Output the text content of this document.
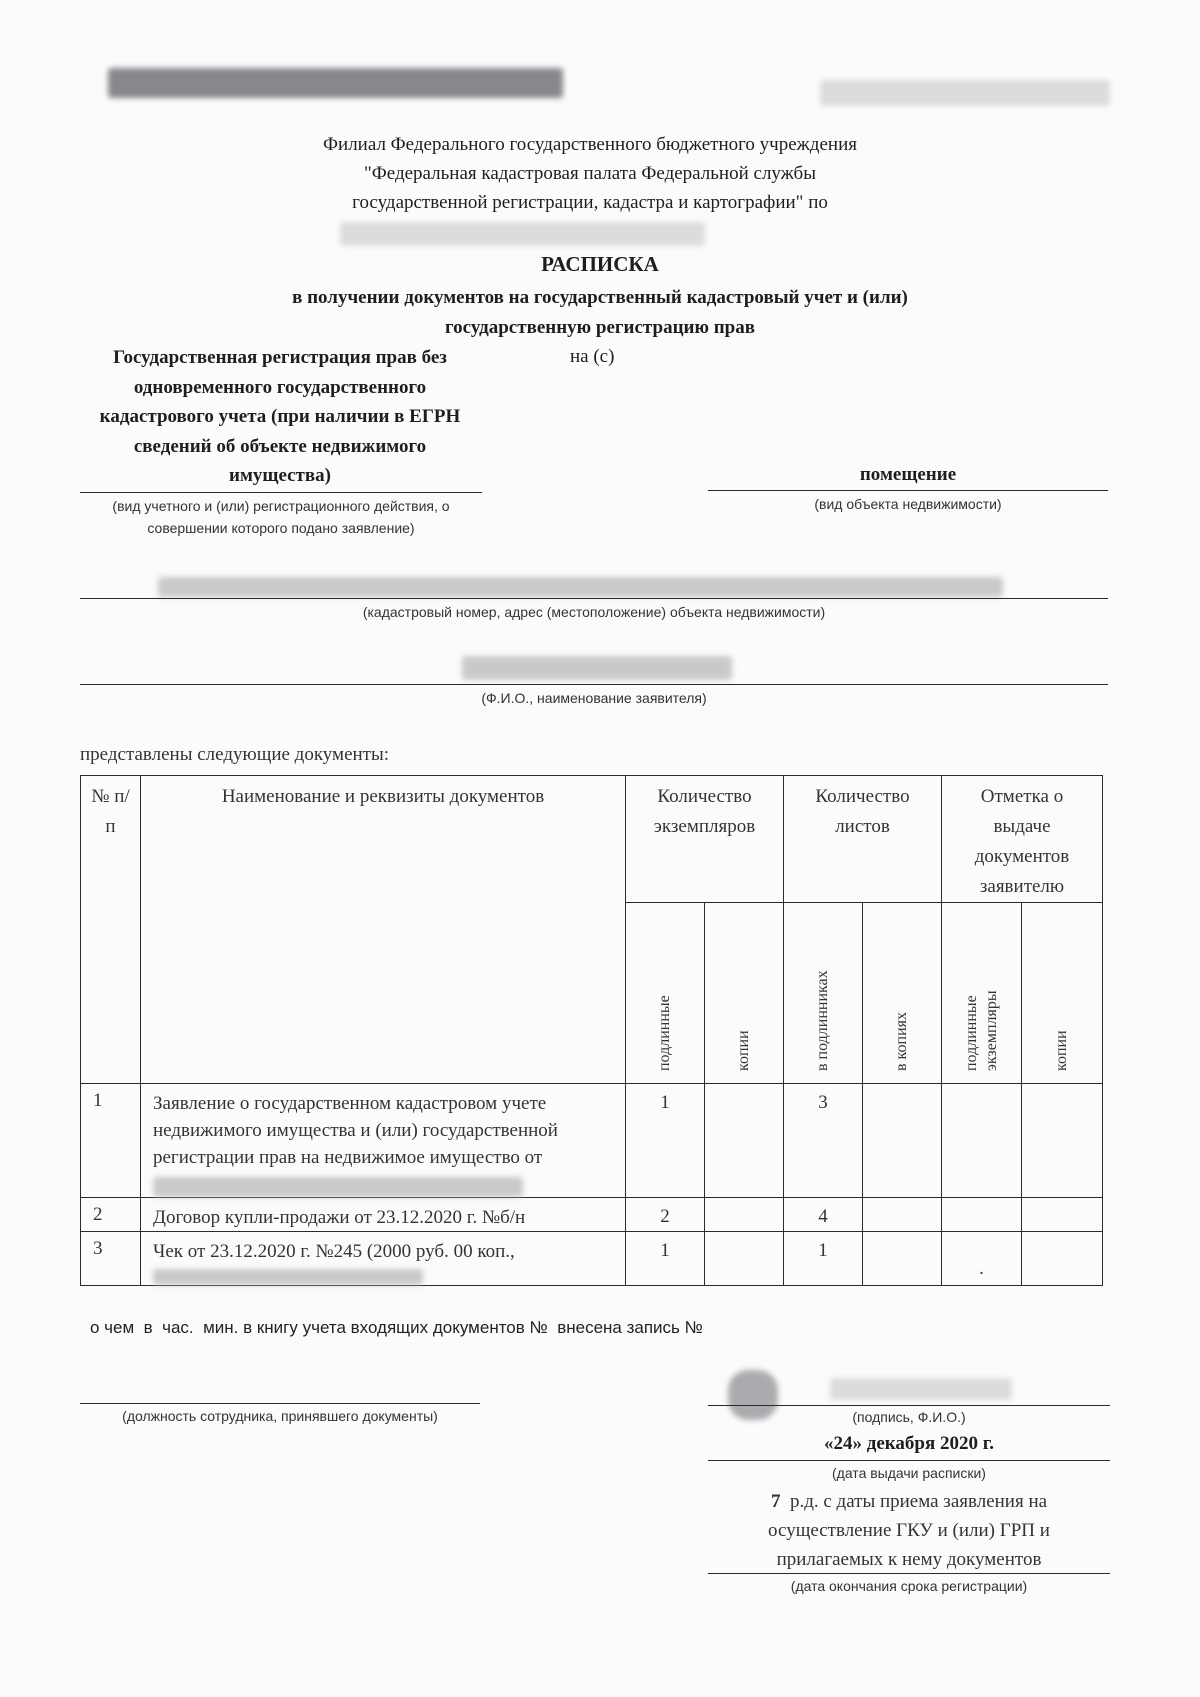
Филиал Федерального государственного бюджетного учреждения
"Федеральная кадастровая палата Федеральной службы
государственной регистрации, кадастра и картографии" по
РАСПИСКА
в получении документов на государственный кадастровый учет и (или)
государственную регистрацию прав
Государственная регистрация прав без
одновременного государственного
кадастрового учета (при наличии в ЕГРН
сведений об объекте недвижимого
имущества)
на (с)
(вид учетного и (или) регистрационного действия, о
совершении которого подано заявление)
помещение
(вид объекта недвижимости)
(кадастровый номер, адрес (местоположение) объекта недвижимости)
(Ф.И.О., наименование заявителя)
представлены следующие документы:
№ п/п	Наименование и реквизиты документов	Количество экземпляров		Количество листов		Отметка о выдаче документов заявителю	

		подлинные	копии	в подлинниках	в копиях	подлинные экземпляры	копии

1	Заявление о государственном кадастровом учете недвижимого имущества и (или) государственной регистрации прав на недвижимое имущество от	1		3			
2	Договор купли-продажи от 23.12.2020 г. №б/н	2		4			
3	Чек от 23.12.2020 г. №245 (2000 руб. 00 коп.,	1		1		.	
о чем  в  час.  мин. в книгу учета входящих документов №  внесена запись №
(должность сотрудника, принявшего документы)	(подпись, Ф.И.О.)
«24» декабря 2020 г.
(дата выдачи расписки)
7 р.д. с даты приема заявления на
осуществление ГКУ и (или) ГРП и
прилагаемых к нему документов
(дата окончания срока регистрации)
